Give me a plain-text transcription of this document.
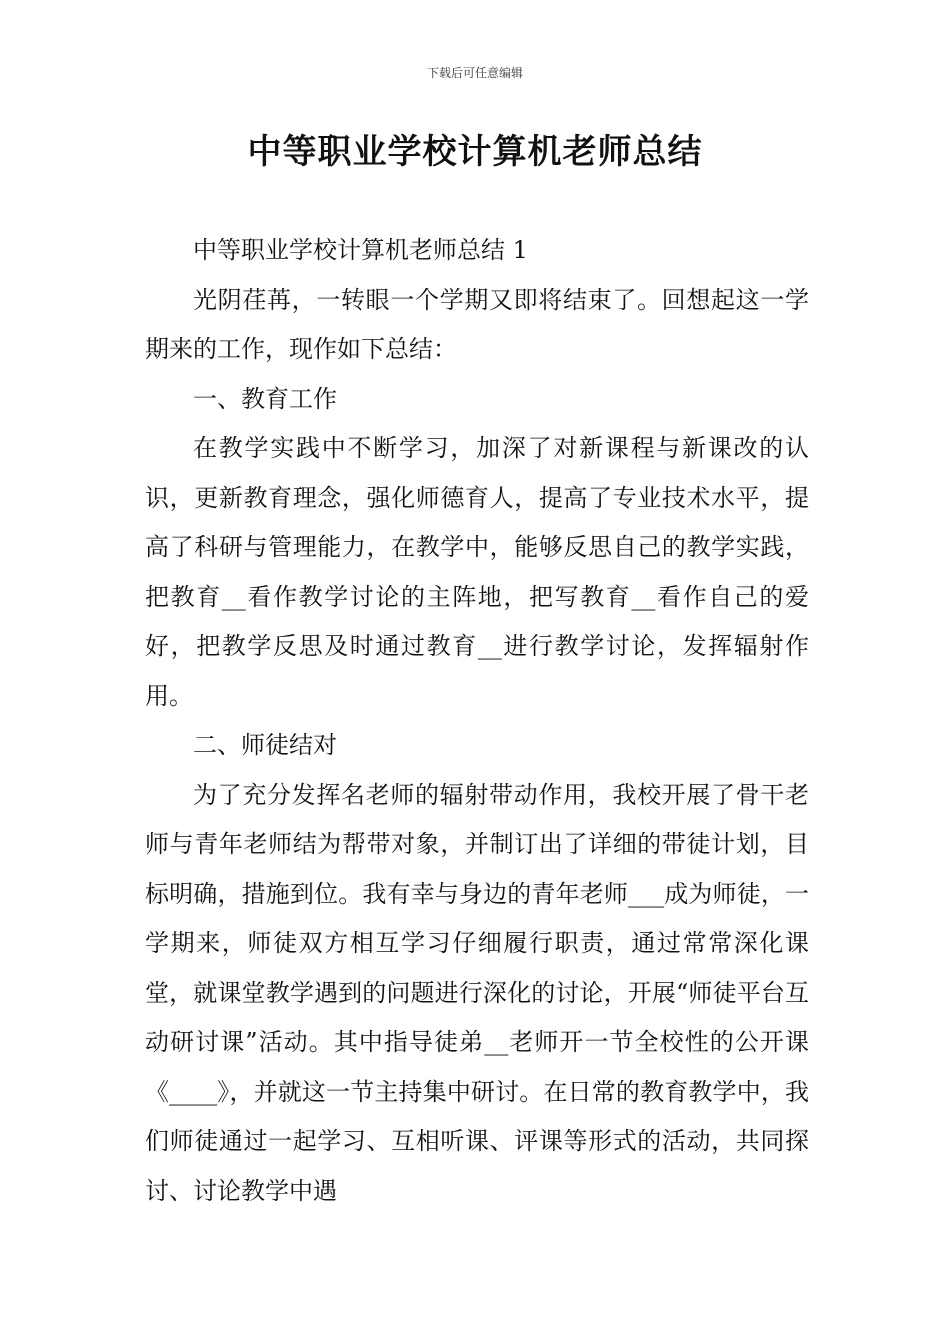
下载后可任意编辑
中等职业学校计算机老师总结

中等职业学校计算机老师总结 1

光阴荏苒，一转眼一个学期又即将结束了。回想起这一学期来的工作，现作如下总结：

一、教育工作

在教学实践中不断学习，加深了对新课程与新课改的认识，更新教育理念，强化师德育人，提高了专业技术水平，提高了科研与管理能力，在教学中，能够反思自己的教学实践，把教育__看作教学讨论的主阵地，把写教育__看作自己的爱好，把教学反思及时通过教育__进行教学讨论，发挥辐射作用。

二、师徒结对

为了充分发挥名老师的辐射带动作用，我校开展了骨干老师与青年老师结为帮带对象，并制订出了详细的带徒计划，目标明确，措施到位。我有幸与身边的青年老师___成为师徒，一学期来，师徒双方相互学习仔细履行职责，通过常常深化课堂，就课堂教学遇到的问题进行深化的讨论，开展“师徒平台互动研讨课”活动。其中指导徒弟__老师开一节全校性的公开课《____》，并就这一节主持集中研讨。在日常的教育教学中，我们师徒通过一起学习、互相听课、评课等形式的活动，共同探讨、讨论教学中遇
